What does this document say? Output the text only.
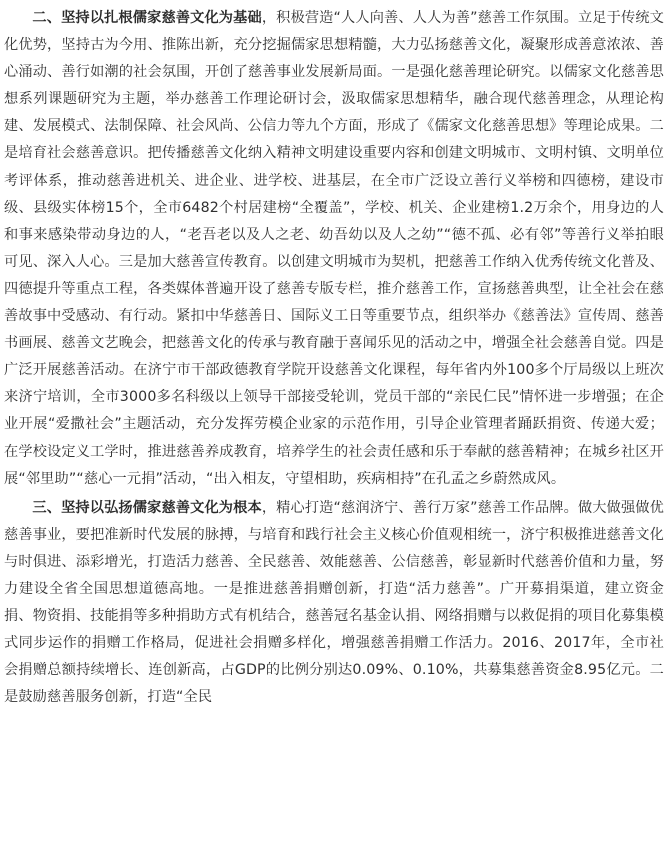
二、坚持以扎根儒家慈善文化为基础，积极营造“人人向善、人人为善”慈善工作氛围。立足于传统文化优势，坚持古为今用、推陈出新，充分挖掘儒家思想精髓，大力弘扬慈善文化，凝聚形成善意浓浓、善心涌动、善行如潮的社会氛围，开创了慈善事业发展新局面。一是强化慈善理论研究。以儒家文化慈善思想系列课题研究为主题，举办慈善工作理论研讨会，汲取儒家思想精华，融合现代慈善理念，从理论构建、发展模式、法制保障、社会风尚、公信力等九个方面，形成了《儒家文化慈善思想》等理论成果。二是培育社会慈善意识。把传播慈善文化纳入精神文明建设重要内容和创建文明城市、文明村镇、文明单位考评体系，推动慈善进机关、进企业、进学校、进基层，在全市广泛设立善行义举榜和四德榜，建设市级、县级实体榜15个，全市6482个村居建榜“全覆盖”，学校、机关、企业建榜1.2万余个，用身边的人和事来感染带动身边的人，“老吾老以及人之老、幼吾幼以及人之幼”“德不孤、必有邻”等善行义举拍眼可见、深入人心。三是加大慈善宣传教育。以创建文明城市为契机，把慈善工作纳入优秀传统文化普及、四德提升等重点工程，各类媒体普遍开设了慈善专版专栏，推介慈善工作，宣扬慈善典型，让全社会在慈善故事中受感动、有行动。紧扣中华慈善日、国际义工日等重要节点，组织举办《慈善法》宣传周、慈善书画展、慈善文艺晚会，把慈善文化的传承与教育融于喜闻乐见的活动之中，增强全社会慈善自觉。四是广泛开展慈善活动。在济宁市干部政德教育学院开设慈善文化课程，每年省内外100多个厅局级以上班次来济宁培训，全市3000多名科级以上领导干部接受轮训，党员干部的“亲民仁民”情怀进一步增强；在企业开展“爱撒社会”主题活动，充分发挥劳模企业家的示范作用，引导企业管理者踊跃捐资、传递大爱；在学校设定义工学时，推进慈善养成教育，培养学生的社会责任感和乐于奉献的慈善精神；在城乡社区开展“邻里助”“慈心一元捐”活动，“出入相友，守望相助，疾病相持”在孔孟之乡蔚然成风。

三、坚持以弘扬儒家慈善文化为根本，精心打造“慈润济宁、善行万家”慈善工作品牌。做大做强做优慈善事业，要把准新时代发展的脉搏，与培育和践行社会主义核心价值观相统一，济宁积极推进慈善文化与时俱进、添彩增光，打造活力慈善、全民慈善、效能慈善、公信慈善，彰显新时代慈善价值和力量，努力建设全省全国思想道德高地。一是推进慈善捐赠创新，打造“活力慈善”。广开募捐渠道，建立资金捐、物资捐、技能捐等多种捐助方式有机结合，慈善冠名基金认捐、网络捐赠与以救促捐的项目化募集模式同步运作的捐赠工作格局，促进社会捐赠多样化，增强慈善捐赠工作活力。2016、2017年，全市社会捐赠总额持续增长、连创新高，占GDP的比例分别达0.09%、0.10%，共募集慈善资金8.95亿元。二是鼓励慈善服务创新，打造“全民
